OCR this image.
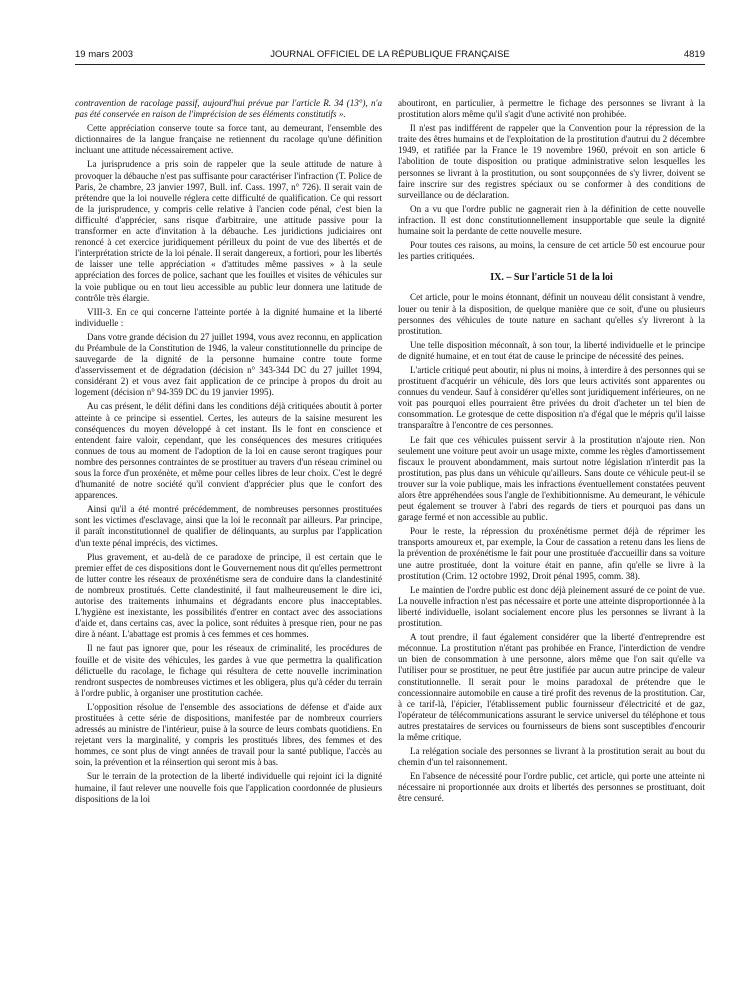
19 mars 2003	JOURNAL OFFICIEL DE LA RÉPUBLIQUE FRANÇAISE	4819

contravention de racolage passif, aujourd'hui prévue par l'article R. 34 (13°), n'a pas été conservée en raison de l'imprécision de ses éléments constitutifs ».

Cette appréciation conserve toute sa force tant, au demeurant, l'ensemble des dictionnaires de la langue française ne retiennent du racolage qu'une définition incluant une attitude nécessairement active.

La jurisprudence a pris soin de rappeler que la seule attitude de nature à provoquer la débauche n'est pas suffisante pour caractériser l'infraction (T. Police de Paris, 2e chambre, 23 janvier 1997, Bull. inf. Cass. 1997, n° 726). Il serait vain de prétendre que la loi nouvelle réglera cette difficulté de qualification. Ce qui ressort de la jurisprudence, y compris celle relative à l'ancien code pénal, c'est bien la difficulté d'apprécier, sans risque d'arbitraire, une attitude passive pour la transformer en acte d'invitation à la débauche. Les juridictions judiciaires ont renoncé à cet exercice juridiquement périlleux du point de vue des libertés et de l'interprétation stricte de la loi pénale. Il serait dangereux, a fortiori, pour les libertés de laisser une telle appréciation « d'attitudes même passives » à la seule appréciation des forces de police, sachant que les fouilles et visites de véhicules sur la voie publique ou en tout lieu accessible au public leur donnera une latitude de contrôle très élargie.

VIII-3. En ce qui concerne l'atteinte portée à la dignité humaine et la liberté individuelle :

Dans votre grande décision du 27 juillet 1994, vous avez reconnu, en application du Préambule de la Constitution de 1946, la valeur constitutionnelle du principe de sauvegarde de la dignité de la personne humaine contre toute forme d'asservissement et de dégradation (décision n° 343-344 DC du 27 juillet 1994, considérant 2) et vous avez fait application de ce principe à propos du droit au logement (décision n° 94-359 DC du 19 janvier 1995).

Au cas présent, le délit défini dans les conditions déjà critiquées aboutit à porter atteinte à ce principe si essentiel. Certes, les auteurs de la saisine mesurent les conséquences du moyen développé à cet instant. Ils le font en conscience et entendent faire valoir, cependant, que les conséquences des mesures critiquées connues de tous au moment de l'adoption de la loi en cause seront tragiques pour nombre des personnes contraintes de se prostituer au travers d'un réseau criminel ou sous la force d'un proxénète, et même pour celles libres de leur choix. C'est le degré d'humanité de notre société qu'il convient d'apprécier plus que le confort des apparences.

Ainsi qu'il a été montré précédemment, de nombreuses personnes prostituées sont les victimes d'esclavage, ainsi que la loi le reconnaît par ailleurs. Par principe, il paraît inconstitutionnel de qualifier de délinquants, au surplus par l'application d'un texte pénal imprécis, des victimes.

Plus gravement, et au-delà de ce paradoxe de principe, il est certain que le premier effet de ces dispositions dont le Gouvernement nous dit qu'elles permettront de lutter contre les réseaux de proxénétisme sera de conduire dans la clandestinité de nombreux prostitués. Cette clandestinité, il faut malheureusement le dire ici, autorise des traitements inhumains et dégradants encore plus inacceptables. L'hygiène est inexistante, les possibilités d'entrer en contact avec des associations d'aide et, dans certains cas, avec la police, sont réduites à presque rien, pour ne pas dire à néant. L'abattage est promis à ces femmes et ces hommes.

Il ne faut pas ignorer que, pour les réseaux de criminalité, les procédures de fouille et de visite des véhicules, les gardes à vue que permettra la qualification délictuelle du racolage, le fichage qui résultera de cette nouvelle incrimination rendront suspectes de nombreuses victimes et les obligera, plus qu'à céder du terrain à l'ordre public, à organiser une prostitution cachée.

L'opposition résolue de l'ensemble des associations de défense et d'aide aux prostituées à cette série de dispositions, manifestée par de nombreux courriers adressés au ministre de l'intérieur, puise à la source de leurs combats quotidiens. En rejetant vers la marginalité, y compris les prostitués libres, des femmes et des hommes, ce sont plus de vingt années de travail pour la santé publique, l'accès au soin, la prévention et la réinsertion qui seront mis à bas.

Sur le terrain de la protection de la liberté individuelle qui rejoint ici la dignité humaine, il faut relever une nouvelle fois que l'application coordonnée de plusieurs dispositions de la loi

aboutiront, en particulier, à permettre le fichage des personnes se livrant à la prostitution alors même qu'il s'agit d'une activité non prohibée.

Il n'est pas indifférent de rappeler que la Convention pour la répression de la traite des êtres humains et de l'exploitation de la prostitution d'autrui du 2 décembre 1949, et ratifiée par la France le 19 novembre 1960, prévoit en son article 6 l'abolition de toute disposition ou pratique administrative selon lesquelles les personnes se livrant à la prostitution, ou sont soupçonnées de s'y livrer, doivent se faire inscrire sur des registres spéciaux ou se conformer à des conditions de surveillance ou de déclaration.

On a vu que l'ordre public ne gagnerait rien à la définition de cette nouvelle infraction. Il est donc constitutionnellement insupportable que seule la dignité humaine soit la perdante de cette nouvelle mesure.

Pour toutes ces raisons, au moins, la censure de cet article 50 est encourue pour les parties critiquées.

IX. – Sur l'article 51 de la loi

Cet article, pour le moins étonnant, définit un nouveau délit consistant à vendre, louer ou tenir à la disposition, de quelque manière que ce soit, d'une ou plusieurs personnes des véhicules de toute nature en sachant qu'elles s'y livreront à la prostitution.

Une telle disposition méconnaît, à son tour, la liberté individuelle et le principe de dignité humaine, et en tout état de cause le principe de nécessité des peines.

L'article critiqué peut aboutir, ni plus ni moins, à interdire à des personnes qui se prostituent d'acquérir un véhicule, dès lors que leurs activités sont apparentes ou connues du vendeur. Sauf à considérer qu'elles sont juridiquement inférieures, on ne voit pas pourquoi elles pourraient être privées du droit d'acheter un tel bien de consommation. Le grotesque de cette disposition n'a d'égal que le mépris qu'il laisse transparaître à l'encontre de ces personnes.

Le fait que ces véhicules puissent servir à la prostitution n'ajoute rien. Non seulement une voiture peut avoir un usage mixte, comme les règles d'amortissement fiscaux le prouvent abondamment, mais surtout notre législation n'interdit pas la prostitution, pas plus dans un véhicule qu'ailleurs. Sans doute ce véhicule peut-il se trouver sur la voie publique, mais les infractions éventuellement constatées peuvent alors être appréhendées sous l'angle de l'exhibitionnisme. Au demeurant, le véhicule peut également se trouver à l'abri des regards de tiers et pourquoi pas dans un garage fermé et non accessible au public.

Pour le reste, la répression du proxénétisme permet déjà de réprimer les transports amoureux et, par exemple, la Cour de cassation a retenu dans les liens de la prévention de proxénétisme le fait pour une prostituée d'accueillir dans sa voiture une autre prostituée, dont la voiture était en panne, afin qu'elle se livre à la prostitution (Crim. 12 octobre 1992, Droit pénal 1995, comm. 38).

Le maintien de l'ordre public est donc déjà pleinement assuré de ce point de vue. La nouvelle infraction n'est pas nécessaire et porte une atteinte disproportionnée à la liberté individuelle, isolant socialement encore plus les personnes se livrant à la prostitution.

A tout prendre, il faut également considérer que la liberté d'entreprendre est méconnue. La prostitution n'étant pas prohibée en France, l'interdiction de vendre un bien de consommation à une personne, alors même que l'on sait qu'elle va l'utiliser pour se prostituer, ne peut être justifiée par aucun autre principe de valeur constitutionnelle. Il serait pour le moins paradoxal de prétendre que le concessionnaire automobile en cause a tiré profit des revenus de la prostitution. Car, à ce tarif-là, l'épicier, l'établissement public fournisseur d'électricité et de gaz, l'opérateur de télécommunications assurant le service universel du téléphone et tous autres prestataires de services ou fournisseurs de biens sont susceptibles d'encourir la même critique.

La relégation sociale des personnes se livrant à la prostitution serait au bout du chemin d'un tel raisonnement.

En l'absence de nécessité pour l'ordre public, cet article, qui porte une atteinte ni nécessaire ni proportionnée aux droits et libertés des personnes se prostituant, doit être censuré.
